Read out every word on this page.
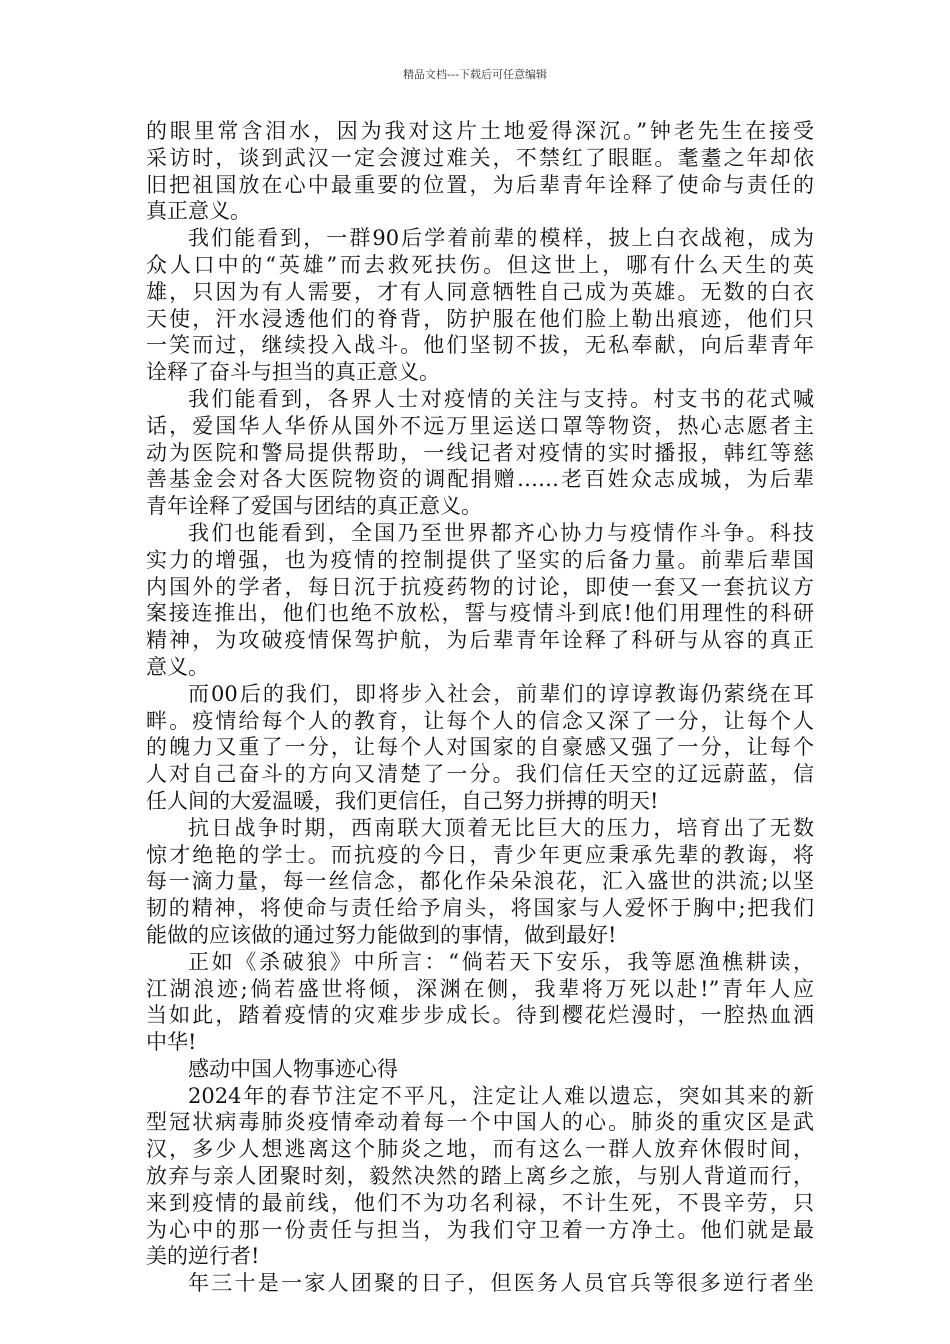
精品文档---下载后可任意编辑
的眼里常含泪水，因为我对这片土地爱得深沉。”钟老先生在接受
采访时，谈到武汉一定会渡过难关，不禁红了眼眶。耄耋之年却依
旧把祖国放在心中最重要的位置，为后辈青年诠释了使命与责任的
真正意义。
我们能看到，一群90后学着前辈的模样，披上白衣战袍，成为
众人口中的“英雄”而去救死扶伤。但这世上，哪有什么天生的英
雄，只因为有人需要，才有人同意牺牲自己成为英雄。无数的白衣
天使，汗水浸透他们的脊背，防护服在他们脸上勒出痕迹，他们只
一笑而过，继续投入战斗。他们坚韧不拔，无私奉献，向后辈青年
诠释了奋斗与担当的真正意义。
我们能看到，各界人士对疫情的关注与支持。村支书的花式喊
话，爱国华人华侨从国外不远万里运送口罩等物资，热心志愿者主
动为医院和警局提供帮助，一线记者对疫情的实时播报，韩红等慈
善基金会对各大医院物资的调配捐赠……老百姓众志成城，为后辈
青年诠释了爱国与团结的真正意义。
我们也能看到，全国乃至世界都齐心协力与疫情作斗争。科技
实力的增强，也为疫情的控制提供了坚实的后备力量。前辈后辈国
内国外的学者，每日沉于抗疫药物的讨论，即使一套又一套抗议方
案接连推出，他们也绝不放松，誓与疫情斗到底!他们用理性的科研
精神，为攻破疫情保驾护航，为后辈青年诠释了科研与从容的真正
意义。
而00后的我们，即将步入社会，前辈们的谆谆教诲仍萦绕在耳
畔。疫情给每个人的教育，让每个人的信念又深了一分，让每个人
的魄力又重了一分，让每个人对国家的自豪感又强了一分，让每个
人对自己奋斗的方向又清楚了一分。我们信任天空的辽远蔚蓝，信
任人间的大爱温暖，我们更信任，自己努力拼搏的明天!
抗日战争时期，西南联大顶着无比巨大的压力，培育出了无数
惊才绝艳的学士。而抗疫的今日，青少年更应秉承先辈的教诲，将
每一滴力量，每一丝信念，都化作朵朵浪花，汇入盛世的洪流;以坚
韧的精神，将使命与责任给予肩头，将国家与人爱怀于胸中;把我们
能做的应该做的通过努力能做到的事情，做到最好!
正如《杀破狼》中所言：“倘若天下安乐，我等愿渔樵耕读，
江湖浪迹;倘若盛世将倾，深渊在侧，我辈将万死以赴!”青年人应
当如此，踏着疫情的灾难步步成长。待到樱花烂漫时，一腔热血洒
中华!
感动中国人物事迹心得
2024年的春节注定不平凡，注定让人难以遗忘，突如其来的新
型冠状病毒肺炎疫情牵动着每一个中国人的心。肺炎的重灾区是武
汉，多少人想逃离这个肺炎之地，而有这么一群人放弃休假时间，
放弃与亲人团聚时刻，毅然决然的踏上离乡之旅，与别人背道而行，
来到疫情的最前线，他们不为功名利禄，不计生死，不畏辛劳，只
为心中的那一份责任与担当，为我们守卫着一方净土。他们就是最
美的逆行者!
年三十是一家人团聚的日子，但医务人员官兵等很多逆行者坐
